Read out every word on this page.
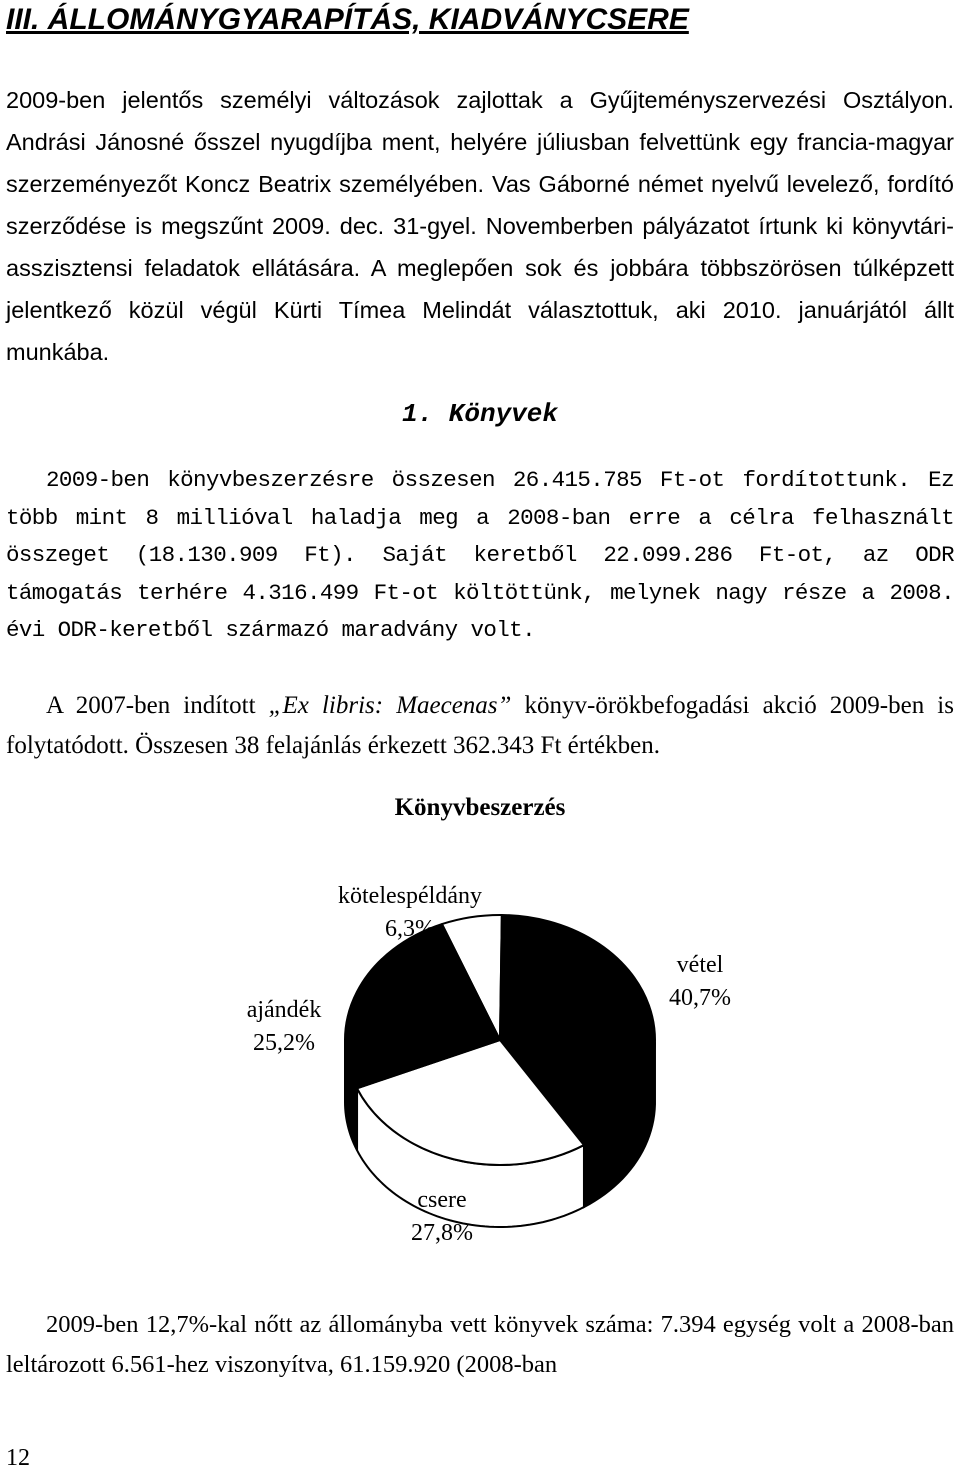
III. ÁLLOMÁNYGYARAPÍTÁS, KIADVÁNYCSERE

2009-ben jelentős személyi változások zajlottak a Gyűjteményszervezési Osztályon. Andrási Jánosné ősszel nyugdíjba ment, helyére júliusban felvettünk egy francia-magyar szerzeményezőt Koncz Beatrix személyében. Vas Gáborné német nyelvű levelező, fordító szerződése is megszűnt 2009. dec. 31-gyel. Novemberben pályázatot írtunk ki könyvtári-asszisztensi feladatok ellátására. A meglepően sok és jobbára többszörösen túlképzett jelentkező közül végül Kürti Tímea Melindát választottuk, aki 2010. januárjától állt munkába.

1. Könyvek

2009-ben könyvbeszerzésre összesen 26.415.785 Ft-ot fordítottunk. Ez több mint 8 millióval haladja meg a 2008-ban erre a célra felhasznált összeget (18.130.909 Ft). Saját keretből 22.099.286 Ft-ot, az ODR támogatás terhére 4.316.499 Ft-ot költöttünk, melynek nagy része a 2008. évi ODR-keretből származó maradvány volt.

A 2007-ben indított „Ex libris: Maecenas” könyv-örökbefogadási akció 2009-ben is folytatódott. Összesen 38 felajánlás érkezett 362.343 Ft értékben.

Könyvbeszerzés
kötelespéldány
6,3%
vétel
40,7%
csere
27,8%
ajándék
25,2%

2009-ben 12,7%-kal nőtt az állományba vett könyvek száma: 7.394 egység volt a 2008-ban leltározott 6.561-hez viszonyítva, 61.159.920 (2008-ban

12
